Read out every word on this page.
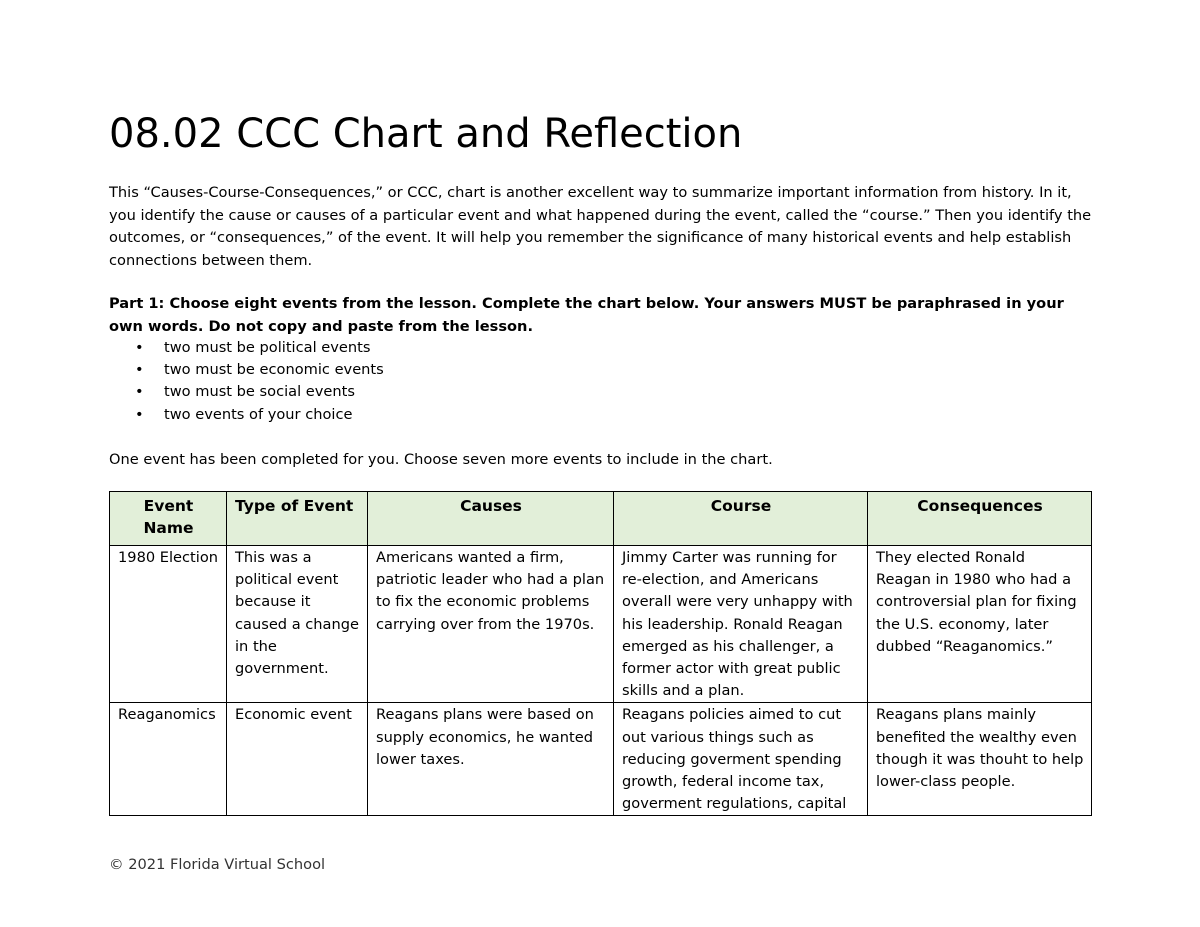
08.02 CCC Chart and Reflection

This “Causes-Course-Consequences,” or CCC, chart is another excellent way to summarize important information from history. In it, you identify the cause or causes of a particular event and what happened during the event, called the “course.” Then you identify the outcomes, or “consequences,” of the event. It will help you remember the significance of many historical events and help establish connections between them.

Part 1: Choose eight events from the lesson. Complete the chart below. Your answers MUST be paraphrased in your own words. Do not copy and paste from the lesson.

• two must be political events
• two must be economic events
• two must be social events
• two events of your choice

One event has been completed for you. Choose seven more events to include in the chart.

Event Name	Type of Event	Causes	Course	Consequences
1980 Election	This was a political event because it caused a change in the government.	Americans wanted a firm, patriotic leader who had a plan to fix the economic problems carrying over from the 1970s.	Jimmy Carter was running for re-election, and Americans overall were very unhappy with his leadership. Ronald Reagan emerged as his challenger, a former actor with great public skills and a plan.	They elected Ronald Reagan in 1980 who had a controversial plan for fixing the U.S. economy, later dubbed “Reaganomics.”
Reaganomics	Economic event	Reagans plans were based on supply economics, he wanted lower taxes.	Reagans policies aimed to cut out various things such as reducing goverment spending growth, federal income tax, goverment regulations, capital	Reagans plans mainly benefited the wealthy even though it was thouht to help lower-class people.
© 2021 Florida Virtual School
